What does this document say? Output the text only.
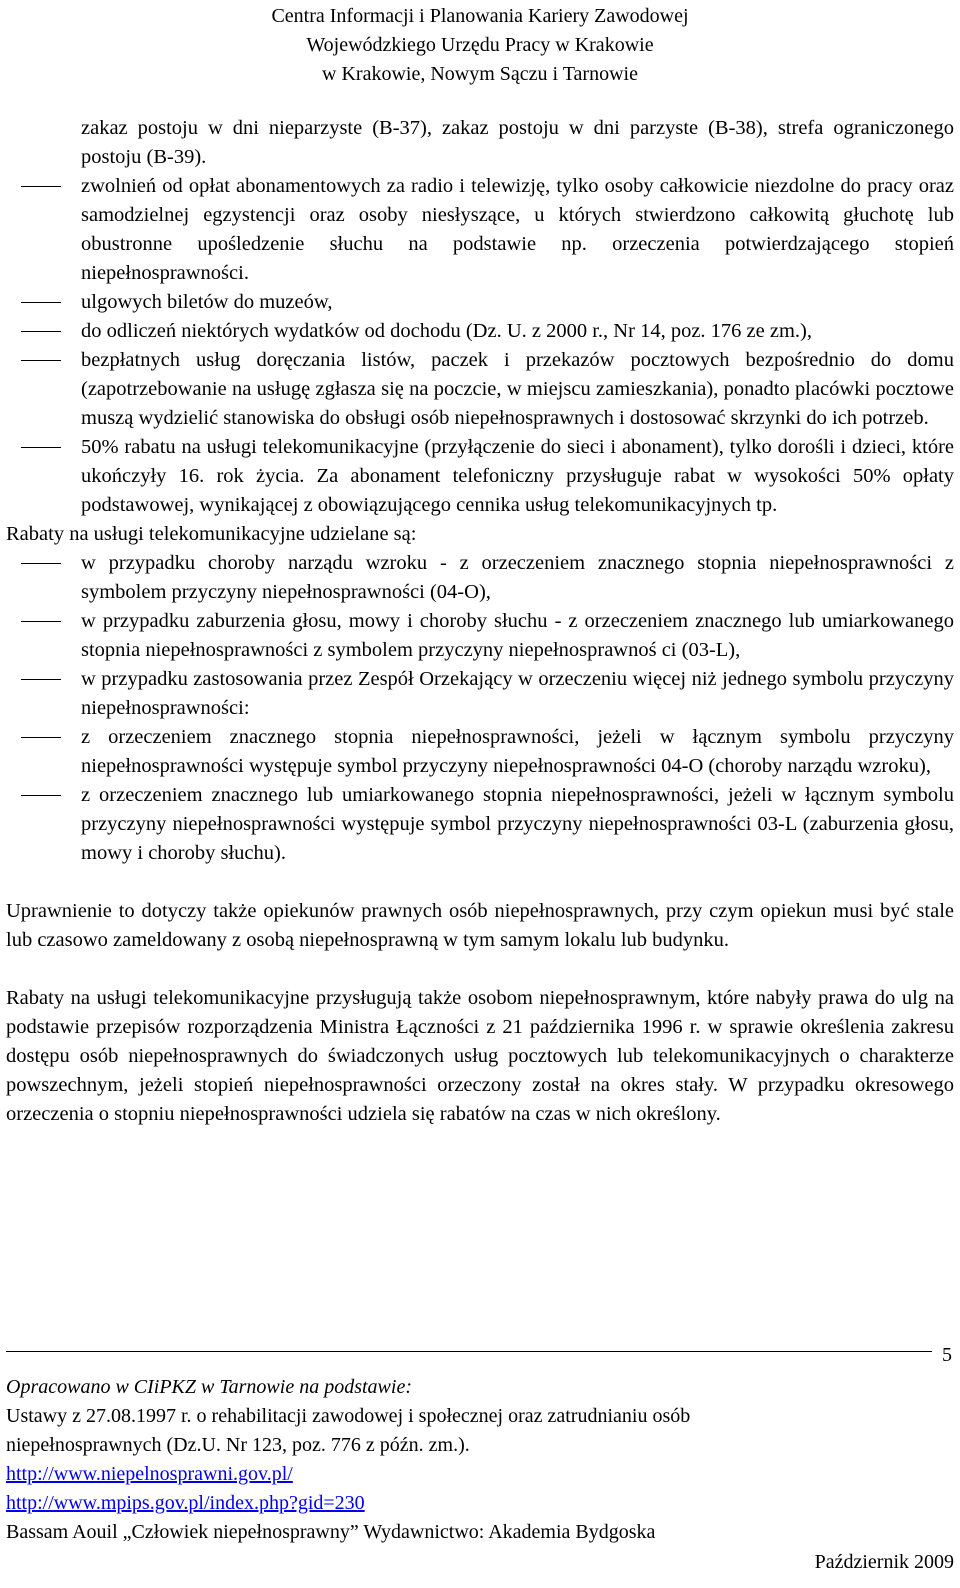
Centra Informacji i Planowania Kariery Zawodowej
Wojewódzkiego Urzędu Pracy w Krakowie
w Krakowie, Nowym Sączu i Tarnowie

zakaz postoju w dni nieparzyste (B-37), zakaz postoju w dni parzyste (B-38), strefa ograniczonego postoju (B-39).

zwolnień od opłat abonamentowych za radio i telewizję, tylko osoby całkowicie niezdolne do pracy oraz samodzielnej egzystencji oraz osoby niesłyszące, u których stwierdzono całkowitą głuchotę lub obustronne upośledzenie słuchu na podstawie np. orzeczenia potwierdzającego stopień niepełnosprawności.
ulgowych biletów do muzeów,
do odliczeń niektórych wydatków od dochodu (Dz. U. z 2000 r., Nr 14, poz. 176 ze zm.),
bezpłatnych usług doręczania listów, paczek i przekazów pocztowych bezpośrednio do domu (zapotrzebowanie na usługę zgłasza się na poczcie, w miejscu zamieszkania), ponadto placówki pocztowe muszą wydzielić stanowiska do obsługi osób niepełnosprawnych i dostosować skrzynki do ich potrzeb.
50% rabatu na usługi telekomunikacyjne (przyłączenie do sieci i abonament), tylko dorośli i dzieci, które ukończyły 16. rok życia. Za abonament telefoniczny przysługuje rabat w wysokości 50% opłaty podstawowej, wynikającej z obowiązującego cennika usług telekomunikacyjnych tp.

Rabaty na usługi telekomunikacyjne udzielane są:

w przypadku choroby narządu wzroku - z orzeczeniem znacznego stopnia niepełnosprawności z symbolem przyczyny niepełnosprawności (04-O),
w przypadku zaburzenia głosu, mowy i choroby słuchu - z orzeczeniem znacznego lub umiarkowanego stopnia niepełnosprawności z symbolem przyczyny niepełnosprawnoś ci (03-L),
w przypadku zastosowania przez Zespół Orzekający w orzeczeniu więcej niż jednego symbolu przyczyny niepełnosprawności:
z orzeczeniem znacznego stopnia niepełnosprawności, jeżeli w łącznym symbolu przyczyny niepełnosprawności występuje symbol przyczyny niepełnosprawności 04-O (choroby narządu wzroku),
z orzeczeniem znacznego lub umiarkowanego stopnia niepełnosprawności, jeżeli w łącznym symbolu przyczyny niepełnosprawności występuje symbol przyczyny niepełnosprawności 03-L (zaburzenia głosu, mowy i choroby słuchu).

Uprawnienie to dotyczy także opiekunów prawnych osób niepełnosprawnych, przy czym opiekun musi być stale lub czasowo zameldowany z osobą niepełnosprawną w tym samym lokalu lub budynku.

Rabaty na usługi telekomunikacyjne przysługują także osobom niepełnosprawnym, które nabyły prawa do ulg na podstawie przepisów rozporządzenia Ministra Łączności z 21 października 1996 r. w sprawie określenia zakresu dostępu osób niepełnosprawnych do świadczonych usług pocztowych lub telekomunikacyjnych o charakterze powszechnym, jeżeli stopień niepełnosprawności orzeczony został na okres stały. W przypadku okresowego orzeczenia o stopniu niepełnosprawności udziela się rabatów na czas w nich określony.

5
Opracowano w CIiPKZ w Tarnowie na podstawie:
Ustawy z 27.08.1997 r. o rehabilitacji zawodowej i społecznej oraz zatrudnianiu osób
niepełnosprawnych (Dz.U. Nr 123, poz. 776 z późn. zm.).
http://www.niepelnosprawni.gov.pl/
http://www.mpips.gov.pl/index.php?gid=230
Bassam Aouil „Człowiek niepełnosprawny” Wydawnictwo: Akademia Bydgoska
Październik 2009
